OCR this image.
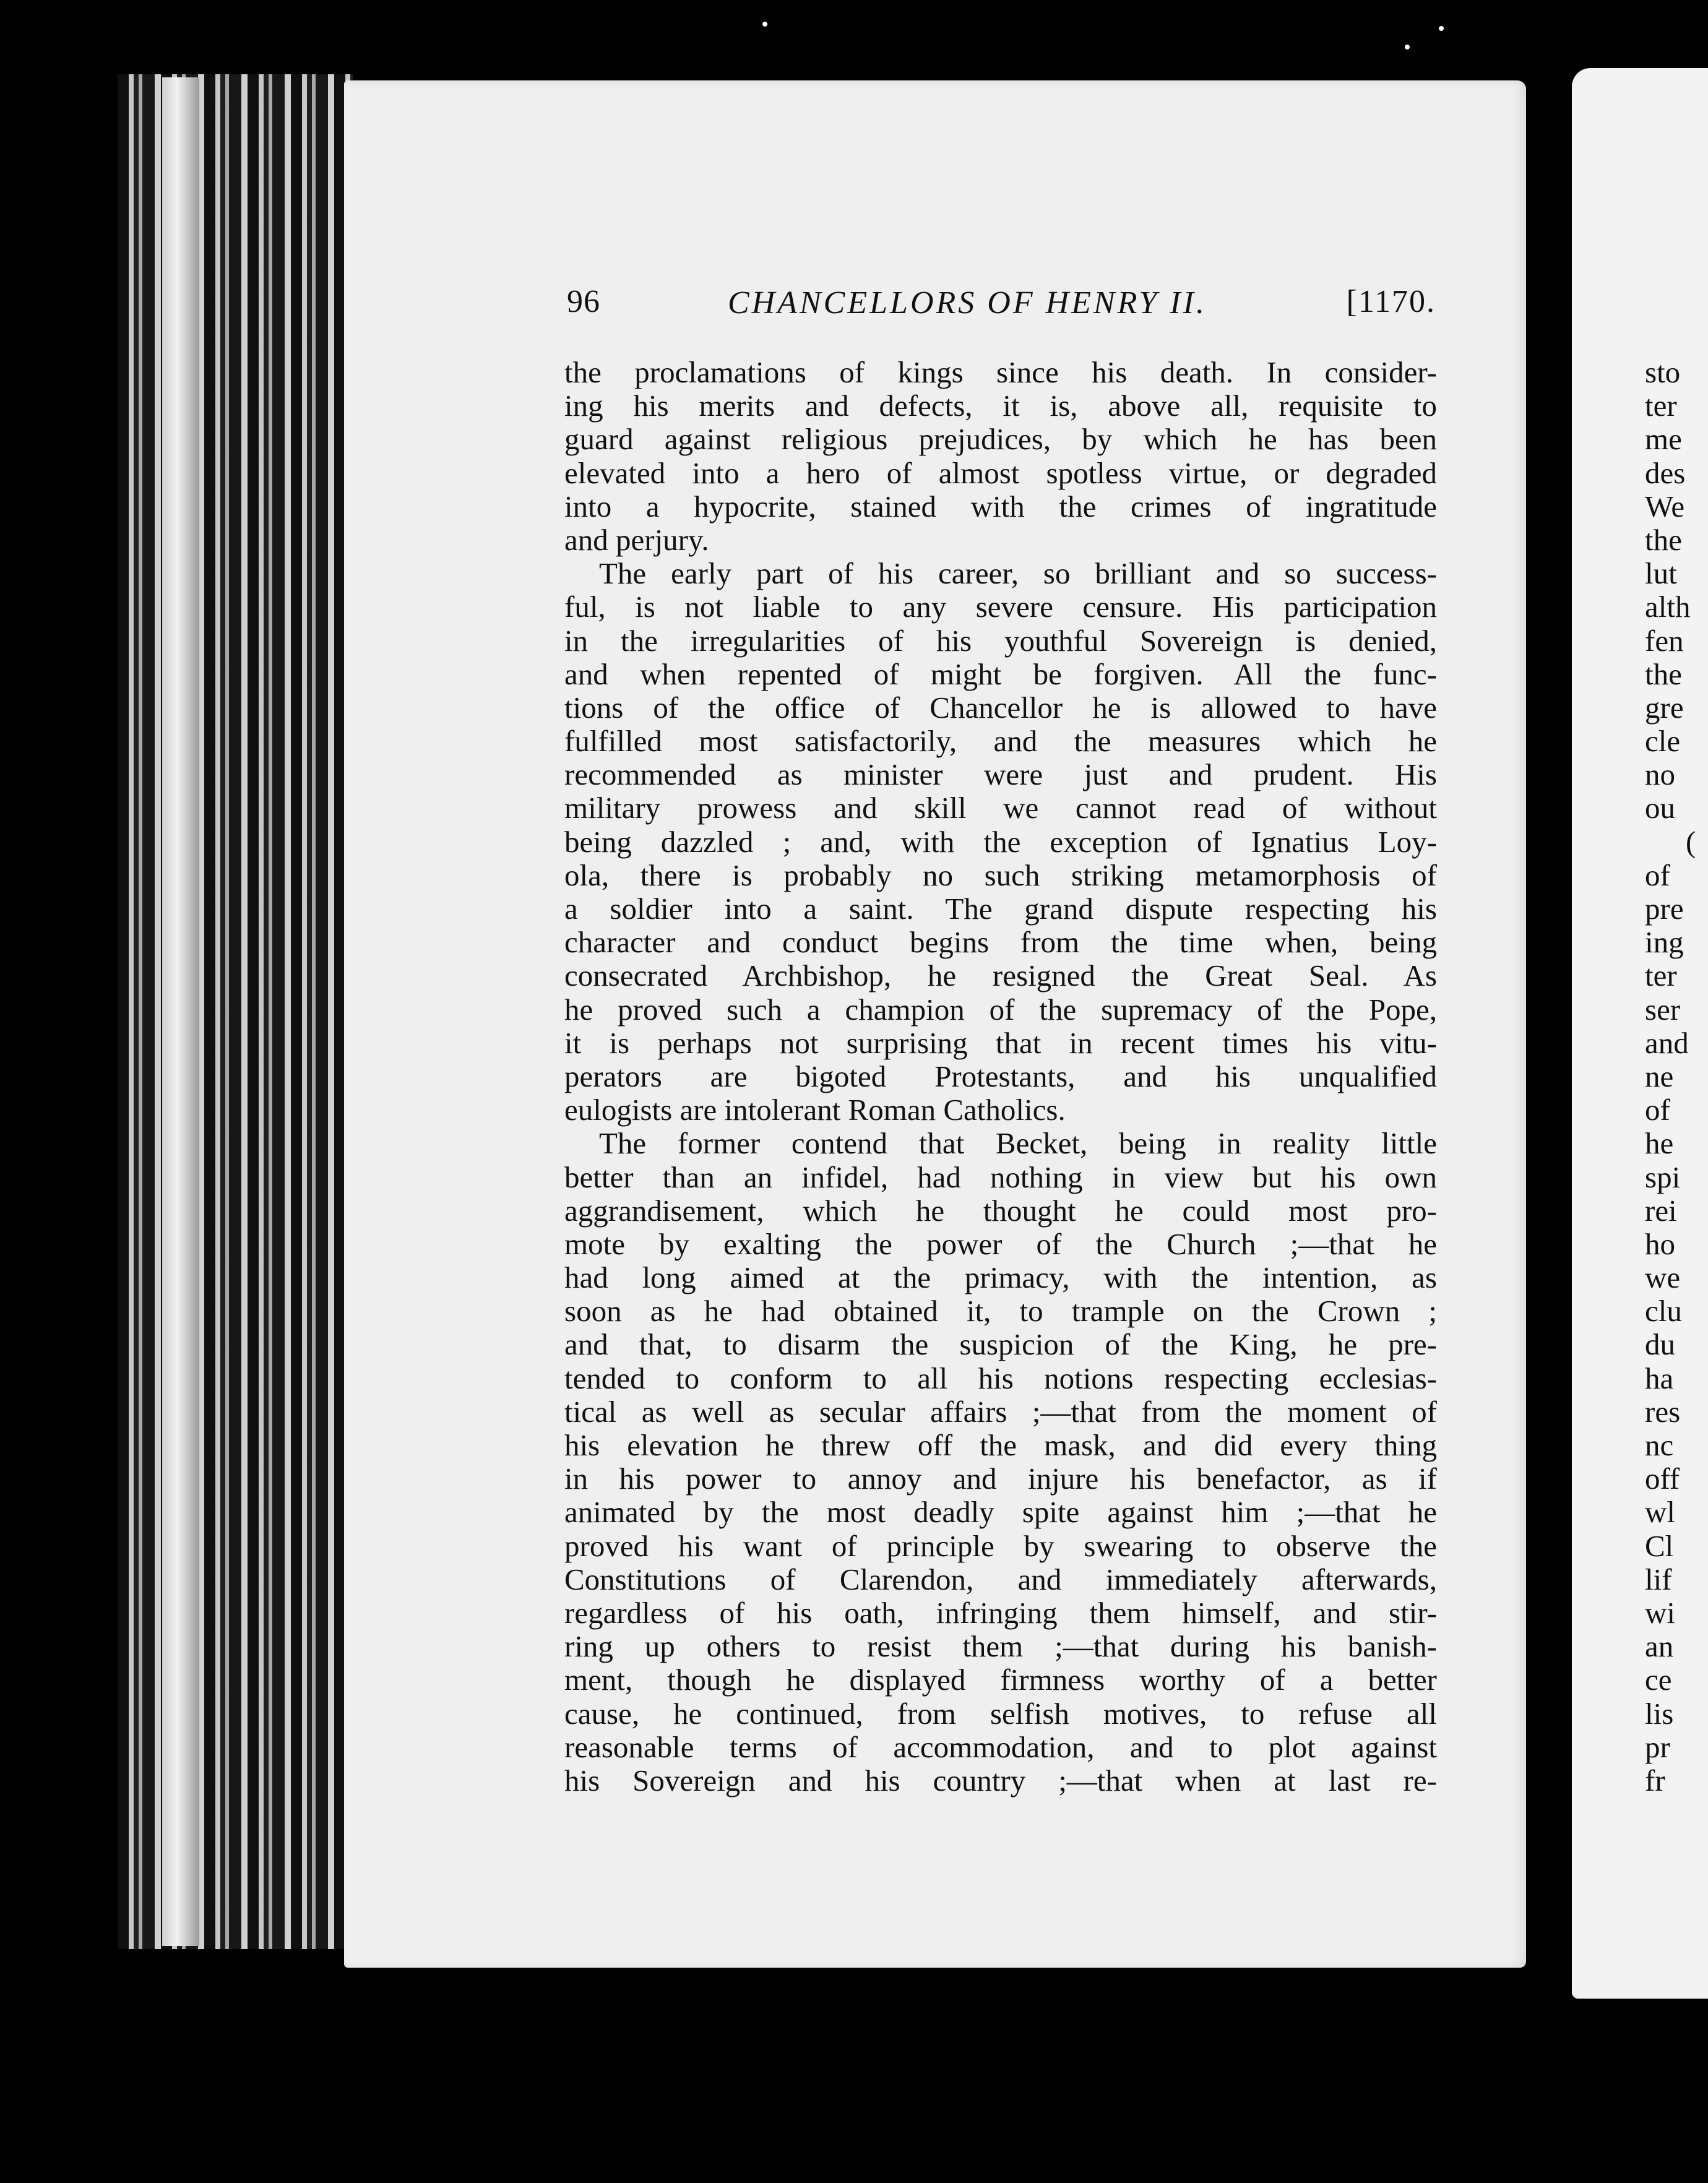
96	CHANCELLORS OF HENRY II.	[1170.
the proclamations of kings since his death. In consider-
ing his merits and defects, it is, above all, requisite to
guard against religious prejudices, by which he has been
elevated into a hero of almost spotless virtue, or degraded
into a hypocrite, stained with the crimes of ingratitude
and perjury.
The early part of his career, so brilliant and so success-
ful, is not liable to any severe censure. His participation
in the irregularities of his youthful Sovereign is denied,
and when repented of might be forgiven. All the func-
tions of the office of Chancellor he is allowed to have
fulfilled most satisfactorily, and the measures which he
recommended as minister were just and prudent. His
military prowess and skill we cannot read of without
being dazzled ; and, with the exception of Ignatius Loy-
ola, there is probably no such striking metamorphosis of
a soldier into a saint. The grand dispute respecting his
character and conduct begins from the time when, being
consecrated Archbishop, he resigned the Great Seal. As
he proved such a champion of the supremacy of the Pope,
it is perhaps not surprising that in recent times his vitu-
perators are bigoted Protestants, and his unqualified
eulogists are intolerant Roman Catholics.
The former contend that Becket, being in reality little
better than an infidel, had nothing in view but his own
aggrandisement, which he thought he could most pro-
mote by exalting the power of the Church ;—that he
had long aimed at the primacy, with the intention, as
soon as he had obtained it, to trample on the Crown ;
and that, to disarm the suspicion of the King, he pre-
tended to conform to all his notions respecting ecclesias-
tical as well as secular affairs ;—that from the moment of
his elevation he threw off the mask, and did every thing
in his power to annoy and injure his benefactor, as if
animated by the most deadly spite against him ;—that he
proved his want of principle by swearing to observe the
Constitutions of Clarendon, and immediately afterwards,
regardless of his oath, infringing them himself, and stir-
ring up others to resist them ;—that during his banish-
ment, though he displayed firmness worthy of a better
cause, he continued, from selfish motives, to refuse all
reasonable terms of accommodation, and to plot against
his Sovereign and his country ;—that when at last re-
sto
ter
me
des
We
the
lut
alth
fen
the
gre
cle
no
ou
(
of
pre
ing
ter
ser
and
ne
of
he
spi
rei
ho
we
clu
du
ha
res
nc
off
wl
Cl
lif
wi
an
ce
lis
pr
fr
